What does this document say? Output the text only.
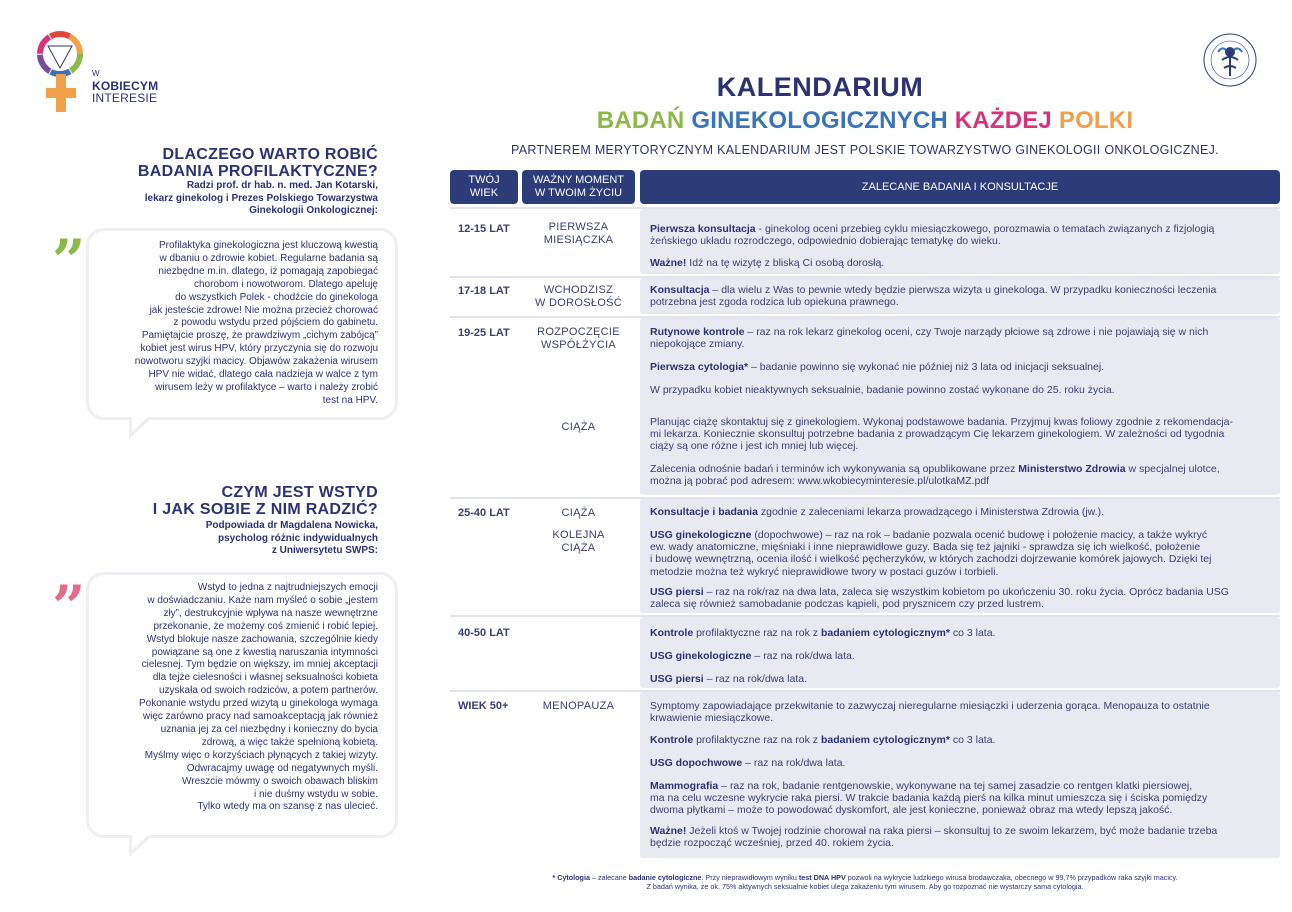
W
KOBIECYM
INTERESIE
DLACZEGO WARTO ROBIĆ
BADANIA PROFILAKTYCZNE?
Radzi prof. dr hab. n. med. Jan Kotarski,
lekarz ginekolog i Prezes Polskiego Towarzystwa
Ginekologii Onkologicznej:
”	Profilaktyka ginekologiczna jest kluczową kwestią
w dbaniu o zdrowie kobiet. Regularne badania są
niezbędne m.in. dlatego, iż pomagają zapobiegać
chorobom i nowotworom. Dlatego apeluję
do wszystkich Polek - chodźcie do ginekologa
jak jesteście zdrowe! Nie można przecież chorować
z powodu wstydu przed pójściem do gabinetu.
Pamiętajcie proszę, że prawdziwym „cichym zabójcą”
kobiet jest wirus HPV, który przyczynia się do rozwoju
nowotworu szyjki macicy. Objawów zakażenia wirusem
HPV nie widać, dlatego cała nadzieja w walce z tym
wirusem leży w profilaktyce – warto i należy zrobić
test na HPV.
CZYM JEST WSTYD
I JAK SOBIE Z NIM RADZIĆ?
Podpowiada dr Magdalena Nowicka,
psycholog różnic indywidualnych
z Uniwersytetu SWPS:
”	Wstyd to jedna z najtrudniejszych emocji
w doświadczaniu. Każe nam myśleć o sobie „jestem
zły”, destrukcyjnie wpływa na nasze wewnętrzne
przekonanie, że możemy coś zmienić i robić lepiej.
Wstyd blokuje nasze zachowania, szczególnie kiedy
powiązane są one z kwestią naruszania intymności
cielesnej. Tym będzie on większy, im mniej akceptacji
dla tejże cielesności i własnej seksualności kobieta
uzyskała od swoich rodziców, a potem partnerów.
Pokonanie wstydu przed wizytą u ginekologa wymaga
więc zarówno pracy nad samoakceptacją jak również
uznania jej za cel niezbędny i konieczny do bycia
zdrową, a więc także spełnioną kobietą.
Myślmy więc o korzyściach płynących z takiej wizyty.
Odwracajmy uwagę od negatywnych myśli.
Wreszcie mówmy o swoich obawach bliskim
i nie duśmy wstydu w sobie.
Tylko wtedy ma on szansę z nas ulecieć.
KALENDARIUM
BADAŃ GINEKOLOGICZNYCH KAŻDEJ POLKI
PARTNEREM MERYTORYCZNYM KALENDARIUM JEST POLSKIE TOWARZYSTWO GINEKOLOGII ONKOLOGICZNEJ.
TWÓJ
WIEK
WAŻNY MOMENT
W TWOIM ŻYCIU
ZALECANE BADANIA I KONSULTACJE
12-15 LAT
17-18 LAT
19-25 LAT
25-40 LAT
40-50 LAT
WIEK 50+
PIERWSZA
MIESIĄCZKA
WCHODZISZ
W DOROSŁOŚĆ
ROZPOCZĘCIE
WSPÓŁŻYCIA
CIĄŻA
CIĄŻA
KOLEJNA
CIĄŻA
MENOPAUZA
Pierwsza konsultacja - ginekolog oceni przebieg cyklu miesiączkowego, porozmawia o tematach związanych z fizjologią
żeńskiego układu rozrodczego, odpowiednio dobierając tematykę do wieku.
Ważne! Idź na tę wizytę z bliską Ci osobą dorosłą.
Konsultacja – dla wielu z Was to pewnie wtedy będzie pierwsza wizyta u ginekologa. W przypadku konieczności leczenia
potrzebna jest zgoda rodzica lub opiekuna prawnego.
Rutynowe kontrole – raz na rok lekarz ginekolog oceni, czy Twoje narządy płciowe są zdrowe i nie pojawiają się w nich
niepokojące zmiany.
Pierwsza cytologia* – badanie powinno się wykonać nie później niż 3 lata od inicjacji seksualnej.
W przypadku kobiet nieaktywnych seksualnie, badanie powinno zostać wykonane do 25. roku życia.
Planując ciążę skontaktuj się z ginekologiem. Wykonaj podstawowe badania. Przyjmuj kwas foliowy zgodnie z rekomendacja-
mi lekarza. Koniecznie skonsultuj potrzebne badania z prowadzącym Cię lekarzem ginekologiem. W zależności od tygodnia
ciąży są one różne i jest ich mniej lub więcej.
Zalecenia odnośnie badań i terminów ich wykonywania są opublikowane przez Ministerstwo Zdrowia w specjalnej ulotce,
można ją pobrać pod adresem: www.wkobiecyminteresie.pl/ulotkaMZ.pdf
Konsultacje i badania zgodnie z zaleceniami lekarza prowadzącego i Ministerstwa Zdrowia (jw.).
USG ginekologiczne (dopochwowe) – raz na rok – badanie pozwala ocenić budowę i położenie macicy, a także wykryć
ew. wady anatomiczne, mięśniaki i inne nieprawidłowe guzy. Bada się też jajniki - sprawdza się ich wielkość, położenie
i budowę wewnętrzną, ocenia ilość i wielkość pęcherzyków, w których zachodzi dojrzewanie komórek jajowych. Dzięki tej
metodzie można też wykryć nieprawidłowe twory w postaci guzów i torbieli.
USG piersi – raz na rok/raz na dwa lata, zaleca się wszystkim kobietom po ukończeniu 30. roku życia. Oprócz badania USG
zaleca się również samobadanie podczas kąpieli, pod prysznicem czy przed lustrem.
Kontrole profilaktyczne raz na rok z badaniem cytologicznym* co 3 lata.
USG ginekologiczne – raz na rok/dwa lata.
USG piersi – raz na rok/dwa lata.
Symptomy zapowiadające przekwitanie to zazwyczaj nieregularne miesiączki i uderzenia gorąca. Menopauza to ostatnie
krwawienie miesiączkowe.
Kontrole profilaktyczne raz na rok z badaniem cytologicznym* co 3 lata.
USG dopochwowe – raz na rok/dwa lata.
Mammografia – raz na rok, badanie rentgenowskie, wykonywane na tej samej zasadzie co rentgen klatki piersiowej,
ma na celu wczesne wykrycie raka piersi. W trakcie badania każdą pierś na kilka minut umieszcza się i ściska pomiędzy
dwoma płytkami – może to powodować dyskomfort, ale jest konieczne, ponieważ obraz ma wtedy lepszą jakość.
Ważne! Jeżeli ktoś w Twojej rodzinie chorował na raka piersi – skonsultuj to ze swoim lekarzem, być może badanie trzeba
będzie rozpocząć wcześniej, przed 40. rokiem życia.
* Cytologia – zalecane badanie cytologiczne. Przy nieprawidłowym wyniku test DNA HPV pozwoli na wykrycie ludzkiego wirusa brodawczaka, obecnego w 99,7% przypadków raka szyjki macicy.
Z badań wynika, że ok. 75% aktywnych seksualnie kobiet ulega zakażeniu tym wirusem. Aby go rozpoznać nie wystarczy sama cytologia.
